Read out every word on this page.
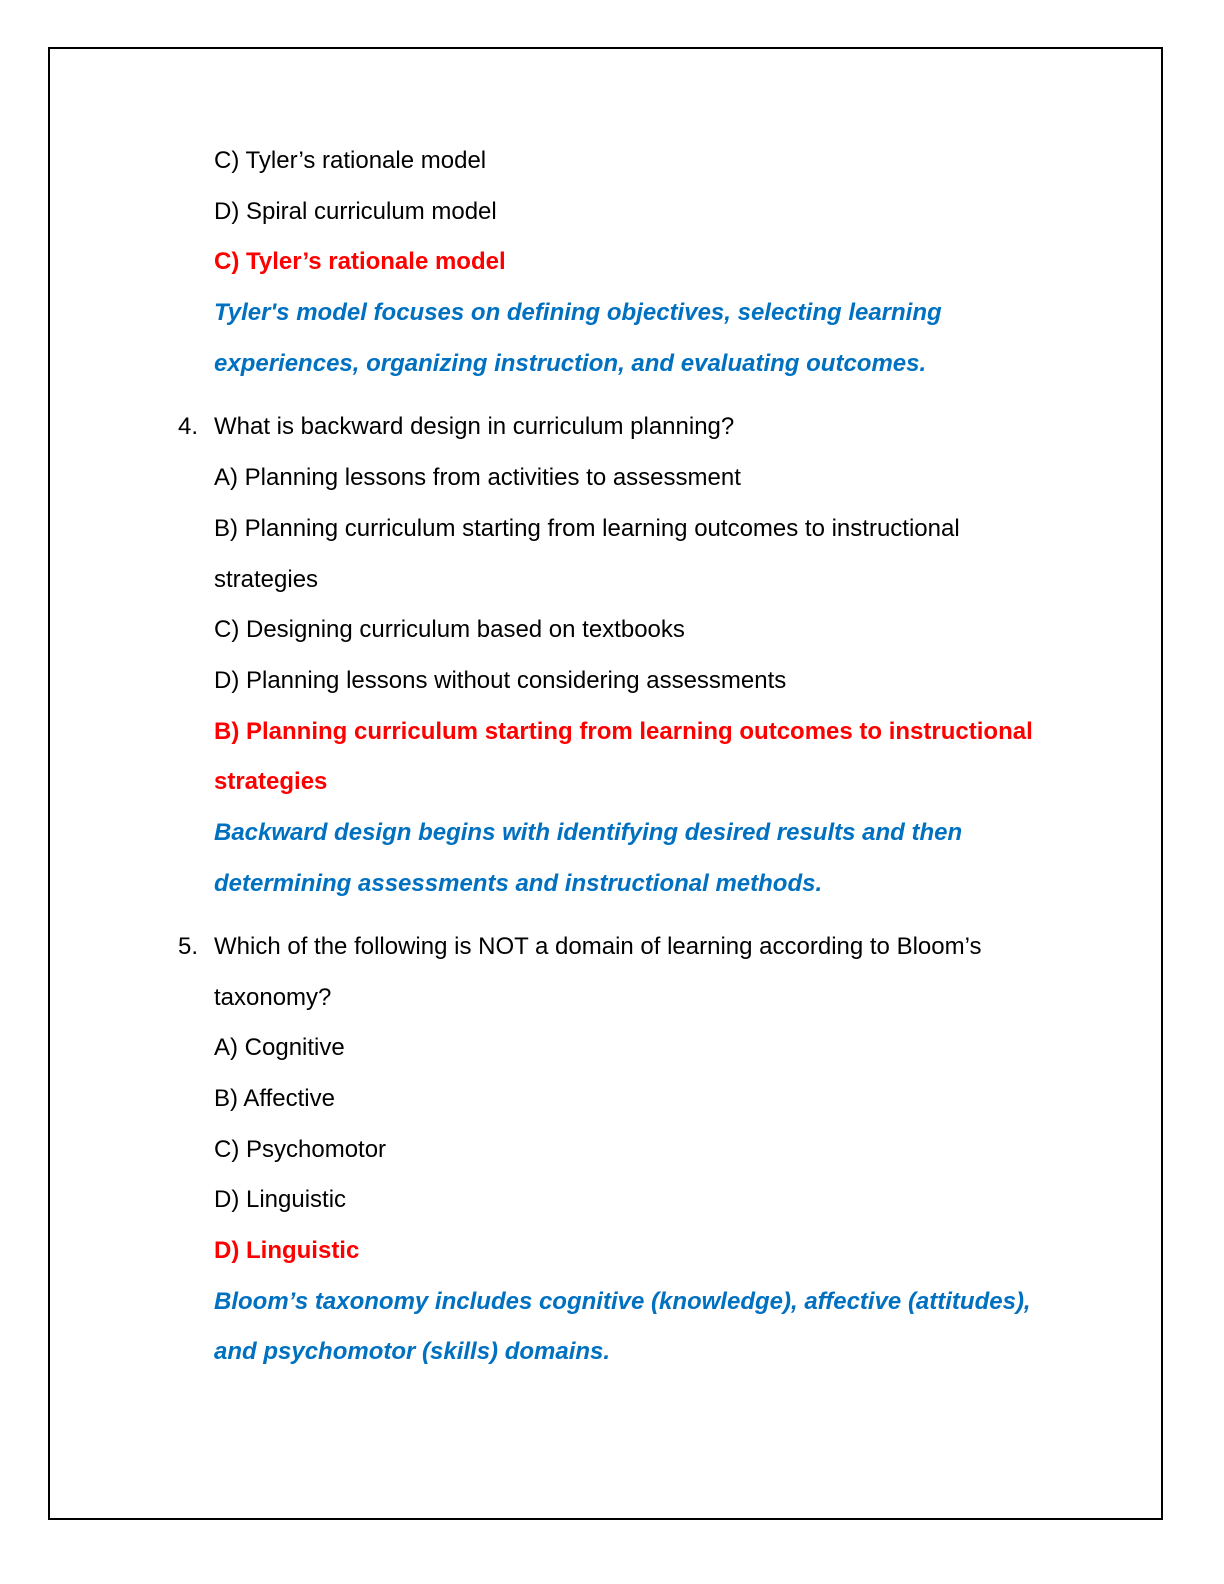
C) Tyler’s rationale model
D) Spiral curriculum model
C) Tyler’s rationale model
Tyler's model focuses on defining objectives, selecting learning
experiences, organizing instruction, and evaluating outcomes.
4. What is backward design in curriculum planning?
A) Planning lessons from activities to assessment
B) Planning curriculum starting from learning outcomes to instructional
strategies
C) Designing curriculum based on textbooks
D) Planning lessons without considering assessments
B) Planning curriculum starting from learning outcomes to instructional
strategies
Backward design begins with identifying desired results and then
determining assessments and instructional methods.
5. Which of the following is NOT a domain of learning according to Bloom’s
taxonomy?
A) Cognitive
B) Affective
C) Psychomotor
D) Linguistic
D) Linguistic
Bloom’s taxonomy includes cognitive (knowledge), affective (attitudes),
and psychomotor (skills) domains.
